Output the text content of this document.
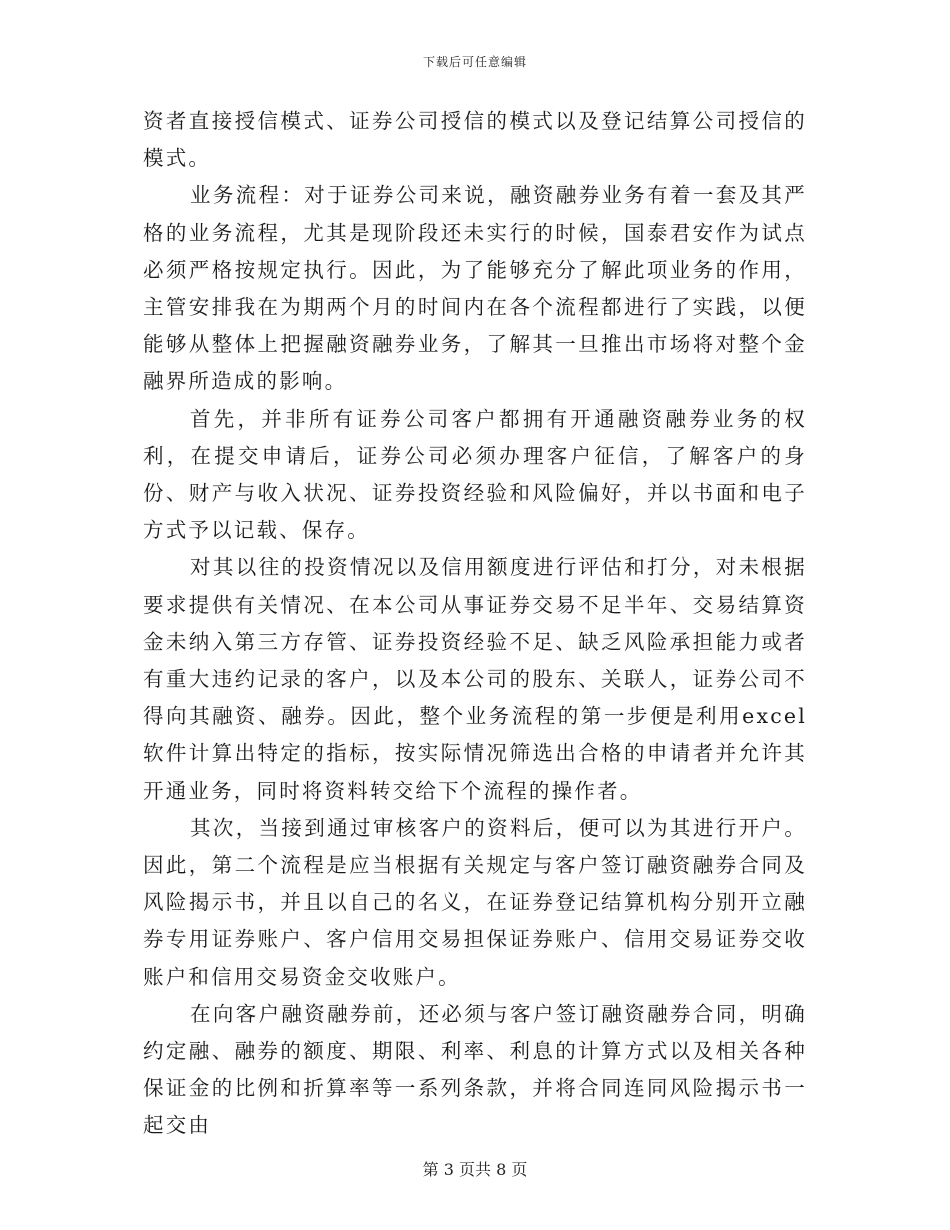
下载后可任意编辑

资者直接授信模式、证券公司授信的模式以及登记结算公司授信的模式。

业务流程：对于证券公司来说，融资融券业务有着一套及其严格的业务流程，尤其是现阶段还未实行的时候，国泰君安作为试点必须严格按规定执行。因此，为了能够充分了解此项业务的作用，主管安排我在为期两个月的时间内在各个流程都进行了实践，以便能够从整体上把握融资融券业务，了解其一旦推出市场将对整个金融界所造成的影响。

首先，并非所有证券公司客户都拥有开通融资融券业务的权利，在提交申请后，证券公司必须办理客户征信，了解客户的身份、财产与收入状况、证券投资经验和风险偏好，并以书面和电子方式予以记载、保存。

对其以往的投资情况以及信用额度进行评估和打分，对未根据要求提供有关情况、在本公司从事证券交易不足半年、交易结算资金未纳入第三方存管、证券投资经验不足、缺乏风险承担能力或者有重大违约记录的客户，以及本公司的股东、关联人，证券公司不得向其融资、融券。因此，整个业务流程的第一步便是利用excel软件计算出特定的指标，按实际情况筛选出合格的申请者并允许其开通业务，同时将资料转交给下个流程的操作者。

其次，当接到通过审核客户的资料后，便可以为其进行开户。因此，第二个流程是应当根据有关规定与客户签订融资融券合同及风险揭示书，并且以自己的名义，在证券登记结算机构分别开立融券专用证券账户、客户信用交易担保证券账户、信用交易证券交收账户和信用交易资金交收账户。

在向客户融资融券前，还必须与客户签订融资融券合同，明确约定融、融券的额度、期限、利率、利息的计算方式以及相关各种保证金的比例和折算率等一系列条款，并将合同连同风险揭示书一起交由

第 3 页共 8 页
